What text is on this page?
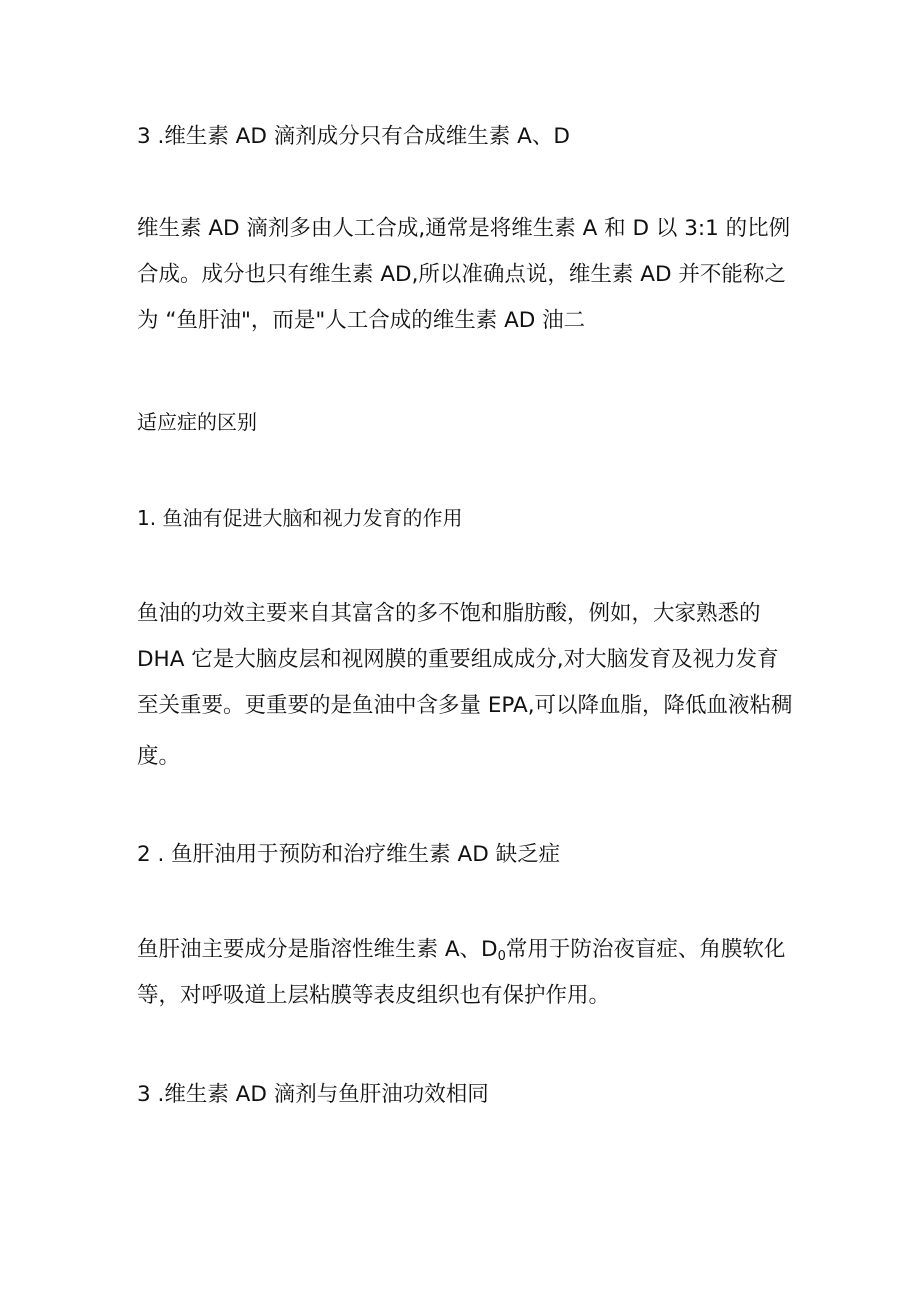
3 .维生素 AD 滴剂成分只有合成维生素 A、D
维生素 AD 滴剂多由人工合成,通常是将维生素 A 和 D 以 3:1 的比例
合成。成分也只有维生素 AD,所以准确点说，维生素 AD 并不能称之
为 “鱼肝油"，而是"人工合成的维生素 AD 油二
适应症的区别
1. 鱼油有促进大脑和视力发育的作用
鱼油的功效主要来自其富含的多不饱和脂肪酸，例如，大家熟悉的
DHA 它是大脑皮层和视网膜的重要组成成分,对大脑发育及视力发育
至关重要。更重要的是鱼油中含多量 EPA,可以降血脂，降低血液粘稠
度。
2 . 鱼肝油用于预防和治疗维生素 AD 缺乏症
鱼肝油主要成分是脂溶性维生素 A、$D_0$常用于防治夜盲症、角膜软化
等，对呼吸道上层粘膜等表皮组织也有保护作用。
3 .维生素 AD 滴剂与鱼肝油功效相同
